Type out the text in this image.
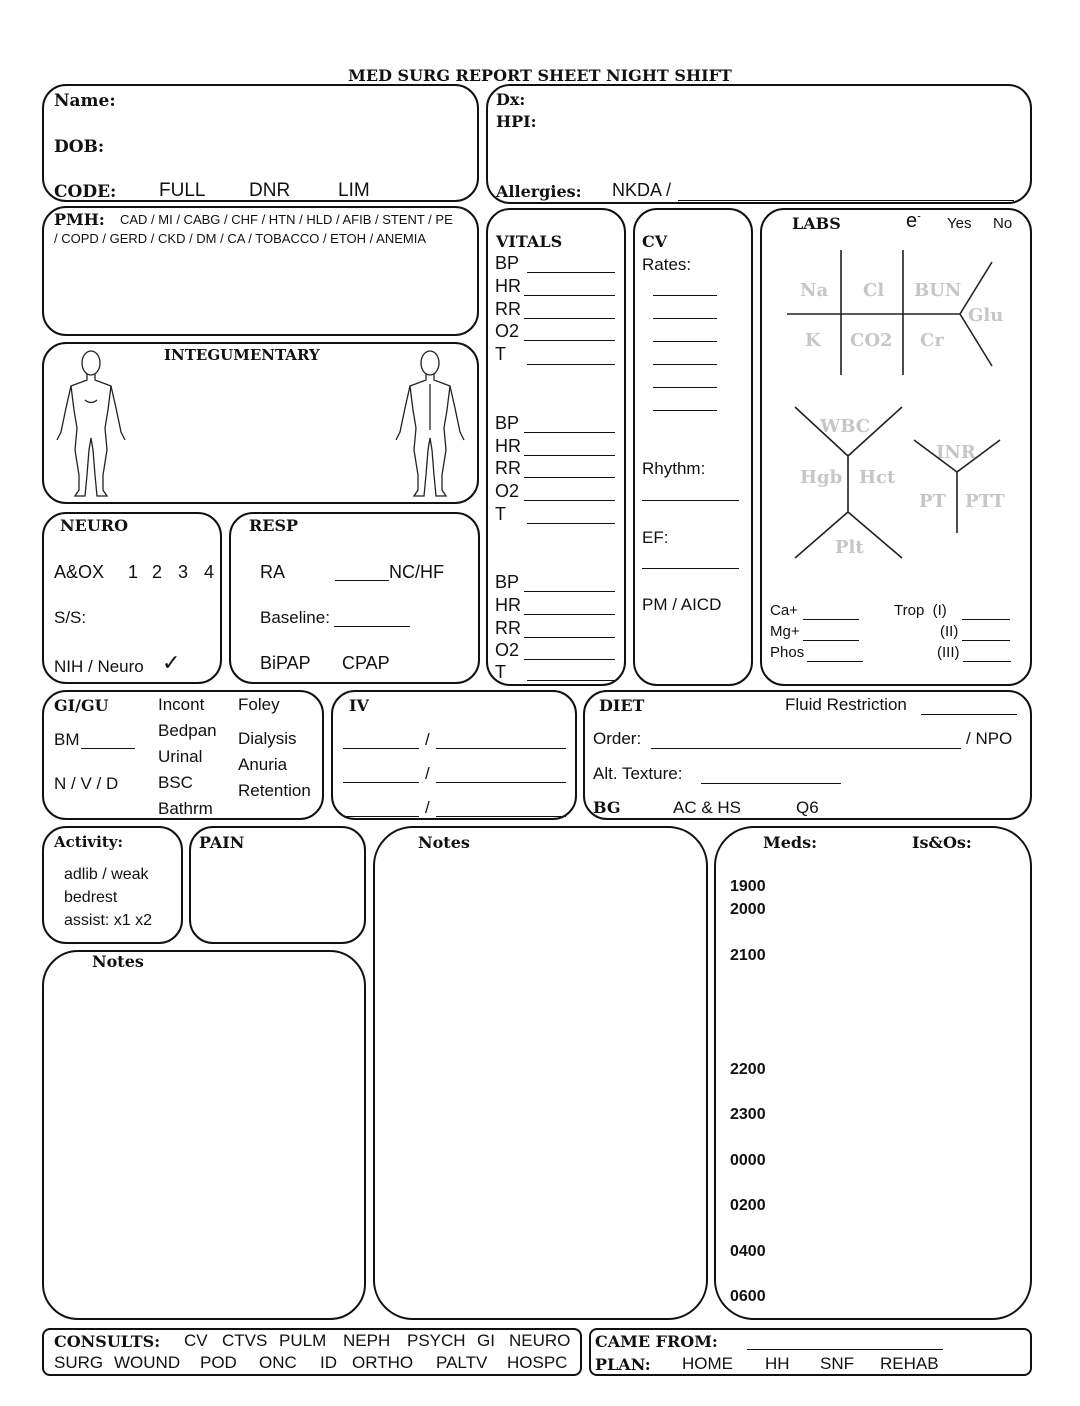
MED SURG REPORT SHEET NIGHT SHIFT
Name:
DOB:
CODE: FULL DNR	LIM
Dx:
HPI:
Allergies: NKDA /
PMH: CAD / MI / CABG / CHF / HTN / HLD / AFIB / STENT / PE
/ COPD / GERD / CKD / DM / CA / TOBACCO / ETOH / ANEMIA
INTEGUMENTARY
VITALS
BP
HR
RR
O2
T
BP
HR
RR
O2
T
BP
HR
RR
O2
T
CV
Rates:
Rhythm:
EF:
PM / AICD
LABS	e- Yes No
Na Cl BUN
Glu
K CO2 Cr
WBC
Hgb Hct
Plt
INR
PT PTT
Ca+
Mg+
Phos
Trop (I)
(II)
(III)
NEURO
A&OX 1 2 3 4
S/S:
NIH / Neuro ✓
RESP
RA	NC/HF
Baseline:
BiPAP CPAP
GI/GU
BM
N / V / D
Incont
Bedpan
Urinal
BSC
Bathrm
Foley
Dialysis
Anuria
Retention
IV
/
/
/
DIET	Fluid Restriction
Order:	/ NPO
Alt. Texture:
BG	AC & HS	Q6
Activity:
adlib / weak
bedrest
assist: x1 x2
PAIN
Notes
Notes	Meds:	Is&Os:
1900
2000
2100
2200
2300
0000
0200
0400
0600
CONSULTS: CV CTVS PULM NEPH PSYCH GI NEURO
SURG WOUND POD ONC ID ORTHO PALTV HOSPC
CAME FROM:
PLAN: HOME HH SNF REHAB
